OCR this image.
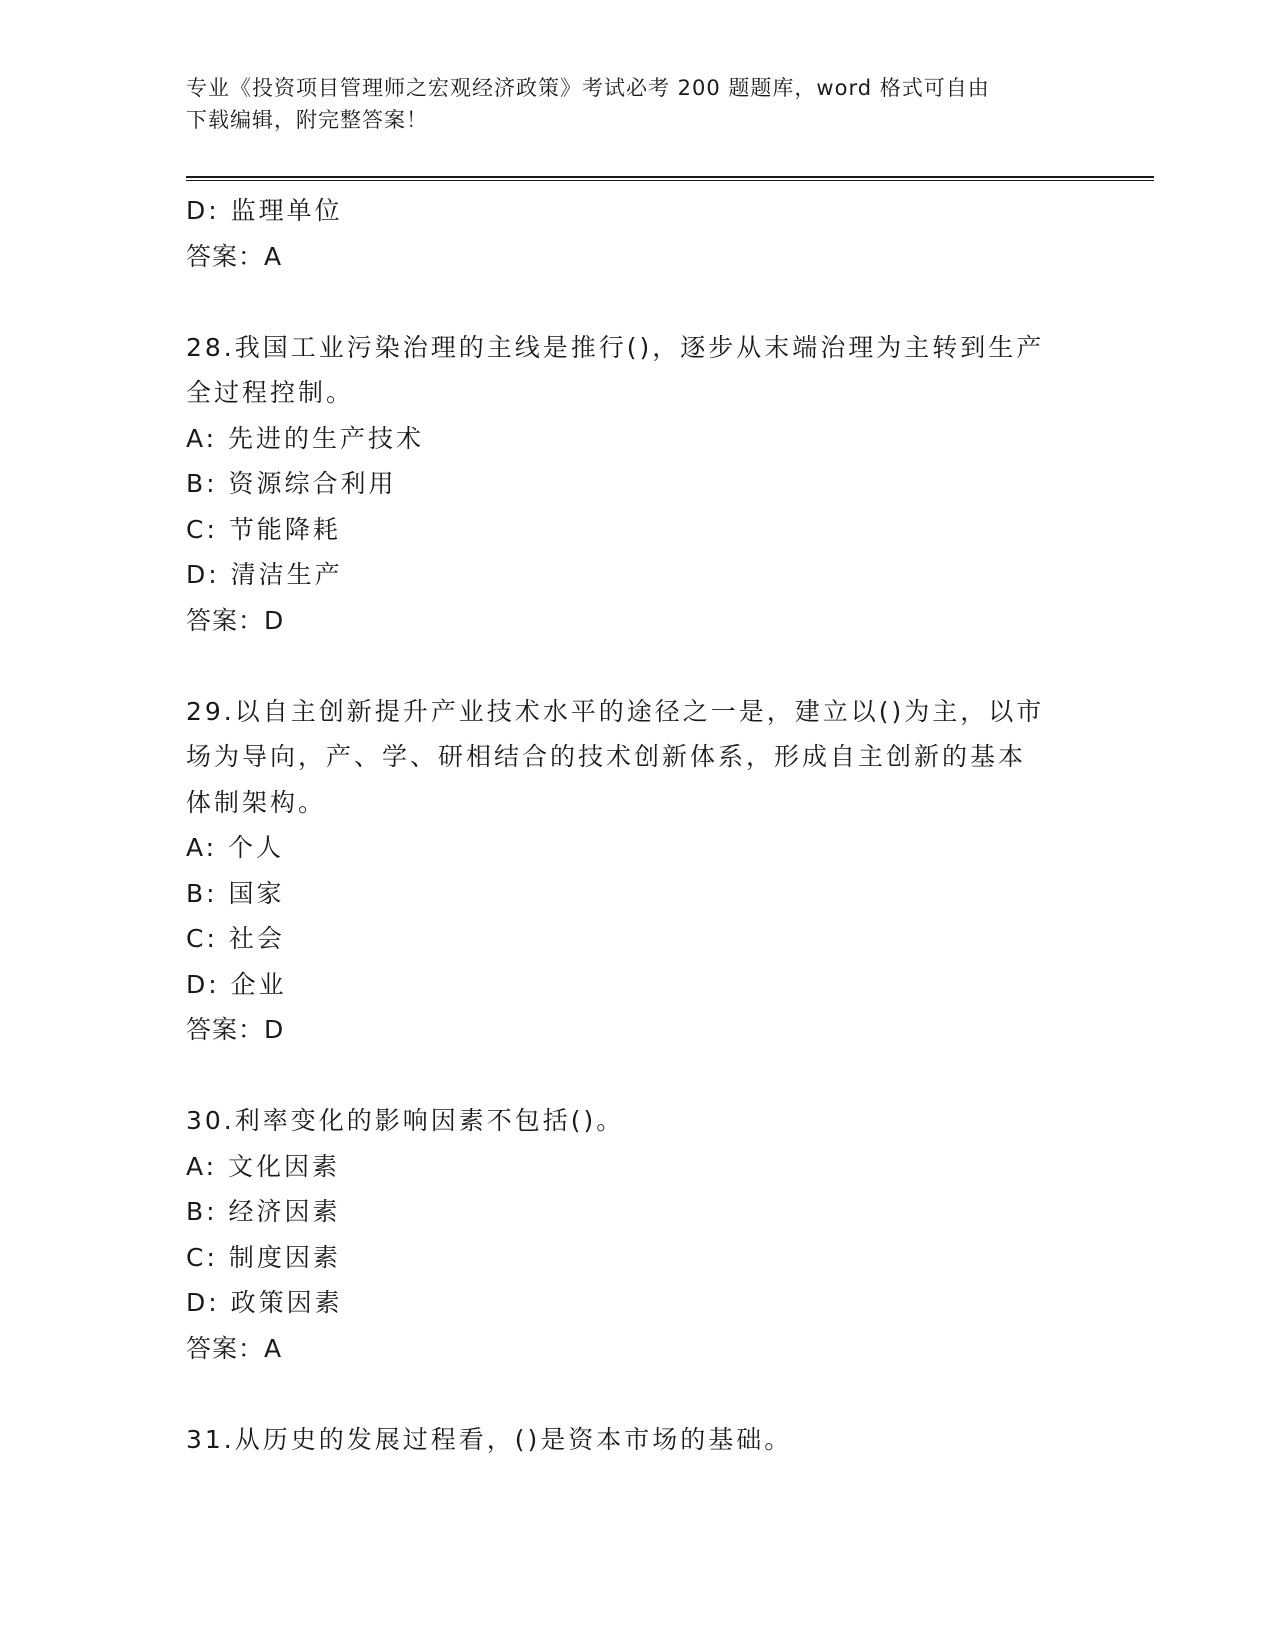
专业《投资项目管理师之宏观经济政策》考试必考 200 题题库，word 格式可自由
下载编辑，附完整答案！
D: 监理单位
答案：A
28.我国工业污染治理的主线是推行()，逐步从末端治理为主转到生产
全过程控制。
A: 先进的生产技术
B: 资源综合利用
C: 节能降耗
D: 清洁生产
答案：D
29.以自主创新提升产业技术水平的途径之一是，建立以()为主，以市
场为导向，产、学、研相结合的技术创新体系，形成自主创新的基本
体制架构。
A: 个人
B: 国家
C: 社会
D: 企业
答案：D
30.利率变化的影响因素不包括()。
A: 文化因素
B: 经济因素
C: 制度因素
D: 政策因素
答案：A
31.从历史的发展过程看，()是资本市场的基础。
